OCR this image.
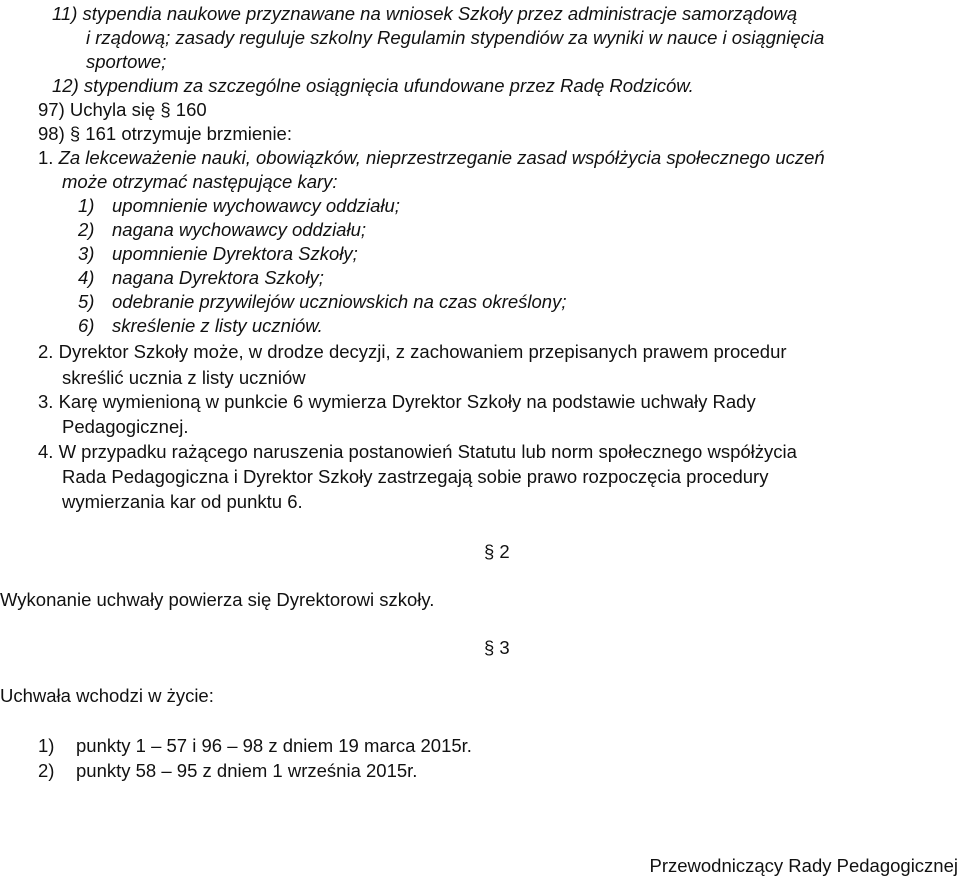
11) stypendia naukowe przyznawane na wniosek Szkoły przez administracje samorządową

i rządową; zasady reguluje szkolny Regulamin stypendiów za wyniki w nauce i osiągnięcia

sportowe;

12) stypendium za szczególne osiągnięcia ufundowane przez Radę Rodziców.

97) Uchyla się § 160

98) § 161 otrzymuje brzmienie:

1. Za lekceważenie nauki, obowiązków, nieprzestrzeganie zasad współżycia społecznego uczeń

może otrzymać następujące kary:

1) upomnienie wychowawcy oddziału;

2) nagana wychowawcy oddziału;

3) upomnienie Dyrektora Szkoły;

4) nagana Dyrektora Szkoły;

5) odebranie przywilejów uczniowskich na czas określony;

6) skreślenie z listy uczniów.

2. Dyrektor Szkoły może, w drodze decyzji, z zachowaniem przepisanych prawem procedur

skreślić ucznia z listy uczniów

3. Karę wymienioną w punkcie 6 wymierza Dyrektor Szkoły na podstawie uchwały Rady

Pedagogicznej.

4. W przypadku rażącego naruszenia postanowień Statutu lub norm społecznego współżycia

Rada Pedagogiczna i Dyrektor Szkoły zastrzegają sobie prawo rozpoczęcia procedury

wymierzania kar od punktu 6.

§ 2

Wykonanie uchwały powierza się Dyrektorowi szkoły.

§ 3

Uchwała wchodzi w życie:

1) punkty 1 – 57 i 96 – 98 z dniem 19 marca 2015r.

2) punkty 58 – 95 z dniem 1 września 2015r.

Przewodniczący Rady Pedagogicznej
